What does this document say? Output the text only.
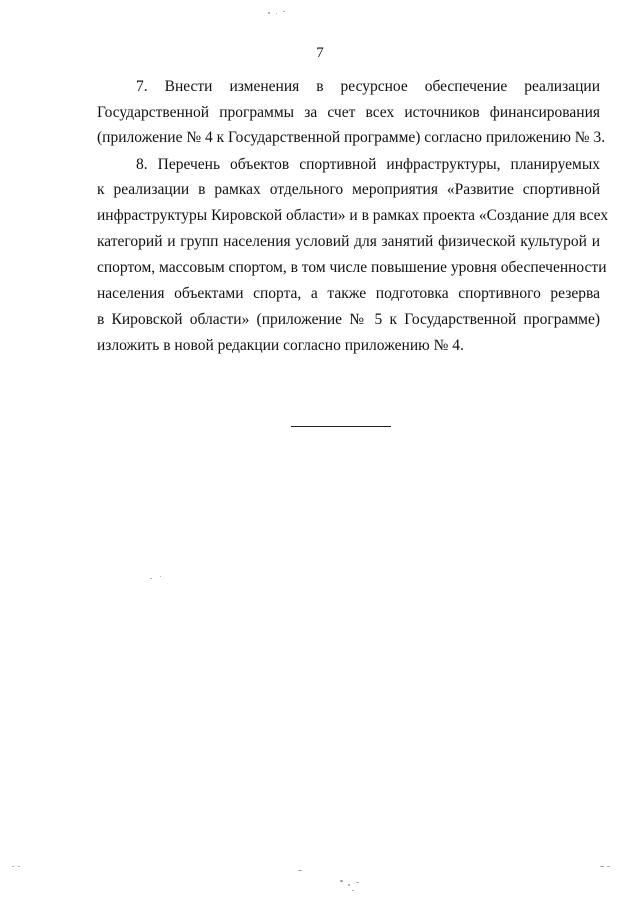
7
7. Внести изменения в ресурсное обеспечение реализации
Государственной программы за счет всех источников финансирования
(приложение № 4 к Государственной программе) согласно приложению № 3.
8. Перечень объектов спортивной инфраструктуры, планируемых
к реализации в рамках отдельного мероприятия «Развитие спортивной
инфраструктуры Кировской области» и в рамках проекта «Создание для всех
категорий и групп населения условий для занятий физической культурой и
спортом, массовым спортом, в том числе повышение уровня обеспеченности
населения объектами спорта, а также подготовка спортивного резерва
в Кировской области» (приложение № 5 к Государственной программе)
изложить в новой редакции согласно приложению № 4.
